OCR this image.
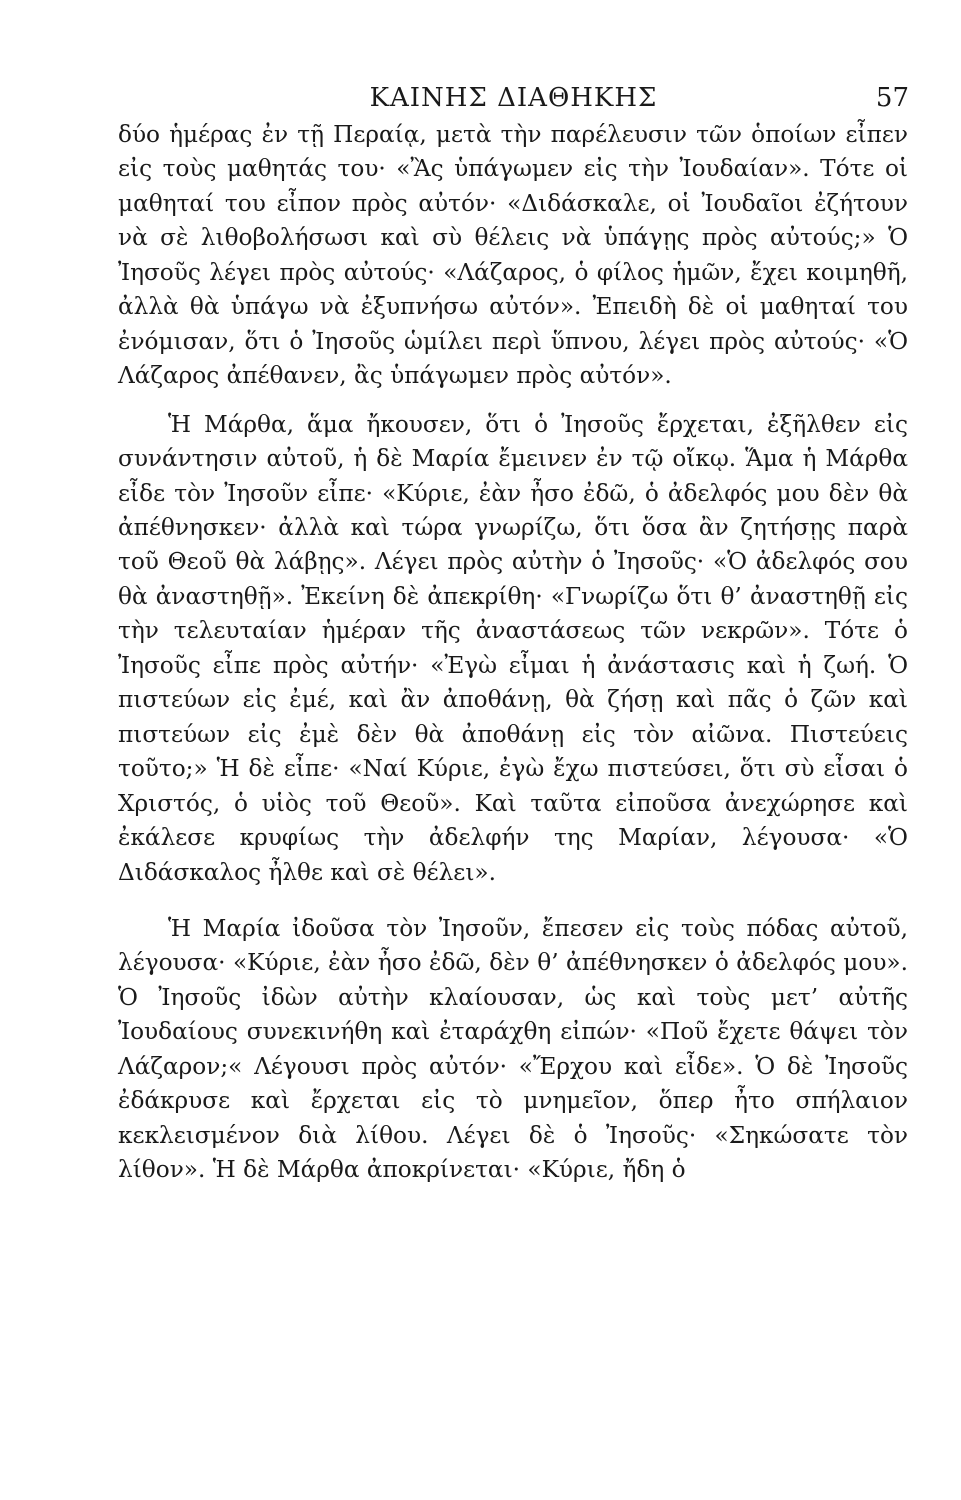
ΚΑΙΝΗΣ ΔΙΑΘΗΚΗΣ	57

δύο ἡμέρας ἐν τῇ Περαίᾳ, μετὰ τὴν παρέλευσιν τῶν ὁποίων εἶπεν εἰς τοὺς μαθητάς του· «Ἂς ὑπάγωμεν εἰς τὴν Ἰουδαίαν». Τότε οἱ μαθηταί του εἶπον πρὸς αὐτόν· «Διδάσκαλε, οἱ Ἰουδαῖοι ἐζήτουν νὰ σὲ λιθοβολήσωσι καὶ σὺ θέλεις νὰ ὑπάγῃς πρὸς αὐτούς;» Ὁ Ἰησοῦς λέγει πρὸς αὐτούς· «Λάζαρος, ὁ φίλος ἡμῶν, ἔχει κοιμηθῆ, ἀλλὰ θὰ ὑπάγω νὰ ἐξυπνήσω αὐτόν». Ἐπειδὴ δὲ οἱ μαθηταί του ἐνόμισαν, ὅτι ὁ Ἰησοῦς ὡμίλει περὶ ὕπνου, λέγει πρὸς αὐτούς· «Ὁ Λάζαρος ἀπέθανεν, ἂς ὑπάγωμεν πρὸς αὐτόν».

Ἡ Μάρθα, ἅμα ἤκουσεν, ὅτι ὁ Ἰησοῦς ἔρχεται, ἐξῆλθεν εἰς συνάντησιν αὐτοῦ, ἡ δὲ Μαρία ἔμεινεν ἐν τῷ οἴκῳ. Ἅμα ἡ Μάρθα εἶδε τὸν Ἰησοῦν εἶπε· «Κύριε, ἐὰν ἦσο ἐδῶ, ὁ ἀδελφός μου δὲν θὰ ἀπέθνησκεν· ἀλλὰ καὶ τώρα γνωρίζω, ὅτι ὅσα ἂν ζητήσῃς παρὰ τοῦ Θεοῦ θὰ λάβῃς». Λέγει πρὸς αὐτὴν ὁ Ἰησοῦς· «Ὁ ἀδελφός σου θὰ ἀναστηθῇ». Ἐκείνη δὲ ἀπεκρίθη· «Γνωρίζω ὅτι θ’ ἀναστηθῇ εἰς τὴν τελευταίαν ἡμέραν τῆς ἀναστάσεως τῶν νεκρῶν». Τότε ὁ Ἰησοῦς εἶπε πρὸς αὐτήν· «Ἐγὼ εἶμαι ἡ ἀνάστασις καὶ ἡ ζωή. Ὁ πιστεύων εἰς ἐμέ, καὶ ἂν ἀποθάνῃ, θὰ ζήσῃ καὶ πᾶς ὁ ζῶν καὶ πιστεύων εἰς ἐμὲ δὲν θὰ ἀποθάνῃ εἰς τὸν αἰῶνα. Πιστεύεις τοῦτο;» Ἡ δὲ εἶπε· «Ναί Κύριε, ἐγὼ ἔχω πιστεύσει, ὅτι σὺ εἶσαι ὁ Χριστός, ὁ υἱὸς τοῦ Θεοῦ». Καὶ ταῦτα εἰποῦσα ἀνεχώρησε καὶ ἐκάλεσε κρυφίως τὴν ἀδελφήν της Μαρίαν, λέγουσα· «Ὁ Διδάσκαλος ἦλθε καὶ σὲ θέλει».

Ἡ Μαρία ἰδοῦσα τὸν Ἰησοῦν, ἔπεσεν εἰς τοὺς πόδας αὐτοῦ, λέγουσα· «Κύριε, ἐὰν ἦσο ἐδῶ, δὲν θ’ ἀπέθνησκεν ὁ ἀδελφός μου». Ὁ Ἰησοῦς ἰδὼν αὐτὴν κλαίουσαν, ὡς καὶ τοὺς μετ’ αὐτῆς Ἰουδαίους συνεκινήθη καὶ ἐταράχθη εἰπών· «Ποῦ ἔχετε θάψει τὸν Λάζαρον;« Λέγουσι πρὸς αὐτόν· «Ἔρχου καὶ εἶδε». Ὁ δὲ Ἰησοῦς ἐδάκρυσε καὶ ἔρχεται εἰς τὸ μνημεῖον, ὅπερ ἦτο σπήλαιον κεκλεισμένον διὰ λίθου. Λέγει δὲ ὁ Ἰησοῦς· «Σηκώσατε τὸν λίθον». Ἡ δὲ Μάρθα ἀποκρίνεται· «Κύριε, ἤδη ὁ
